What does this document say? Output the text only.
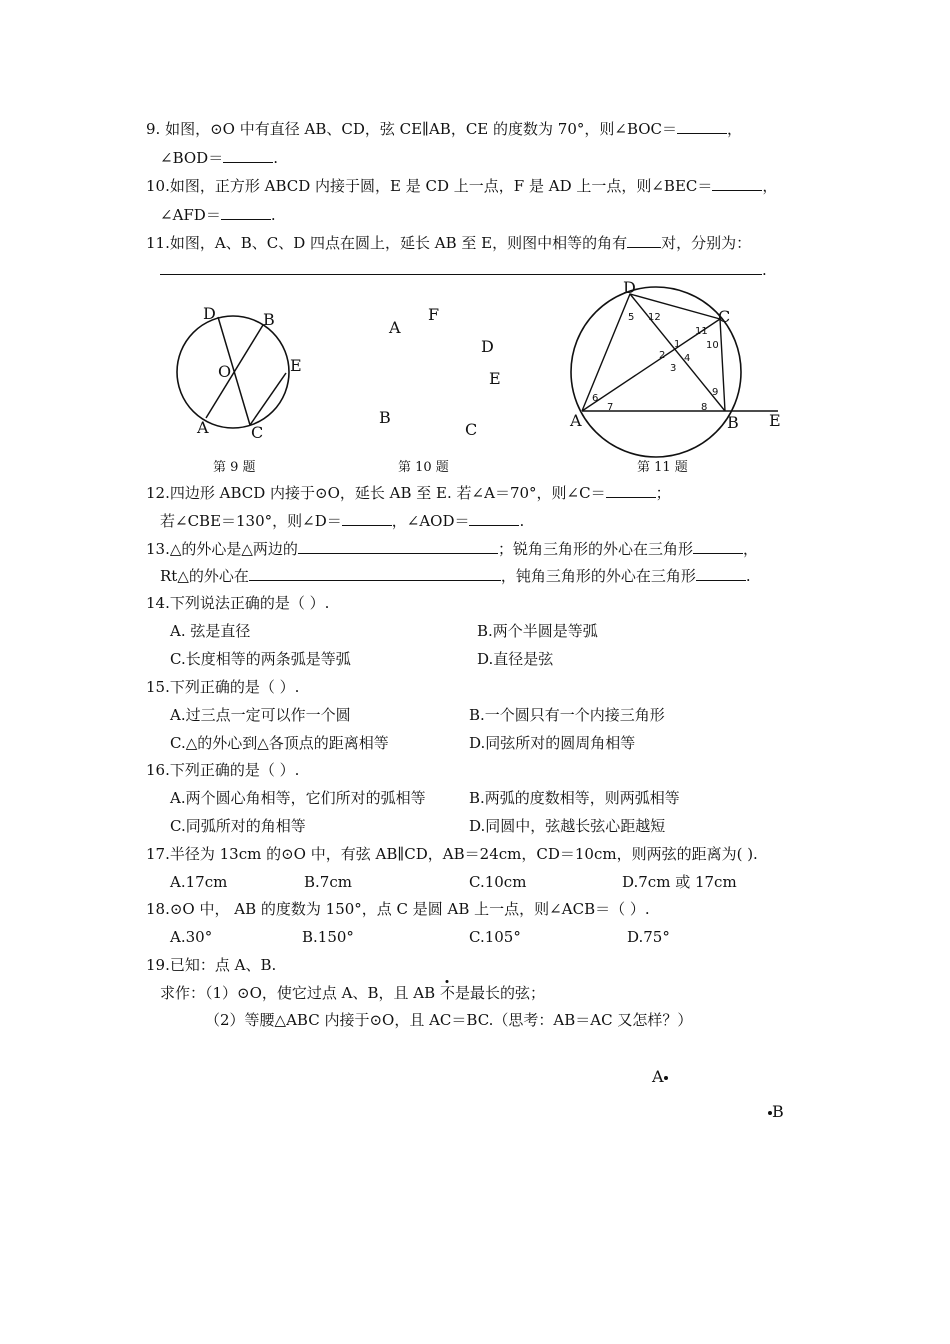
9. 如图，⊙O 中有直径 AB、CD，弦 CE∥AB，CE 的度数为 70°，则∠BOC＝	，
∠BOD＝	.
10.如图，正方形 ABCD 内接于圆，E 是 CD 上一点，F 是 AD 上一点，则∠BEC＝	，
∠AFD＝	.
11.如图，A、B、C、D 四点在圆上，延长 AB 至 E，则图中相等的角有 对，分别为：
.
D	B
O	E
A	C
第 9 题
A
F
D
E
B
C
第 10 题
5 12
11
10
1
2 4
3
9
6
7	8
D
C
A	B E
第 11 题
12.四边形 ABCD 内接于⊙O，延长 AB 至 E. 若∠A＝70°，则∠C＝	；
若∠CBE＝130°，则∠D＝	，∠AOD＝	.
13.△的外心是△两边的	；锐角三角形的外心在三角形	，
Rt△的外心在	，钝角三角形的外心在三角形	.
14.下列说法正确的是（ ）.
A. 弦是直径	B.两个半圆是等弧
C.长度相等的两条弧是等弧	D.直径是弦
15.下列正确的是（ ）.
A.过三点一定可以作一个圆	B.一个圆只有一个内接三角形
C.△的外心到△各顶点的距离相等	D.同弦所对的圆周角相等
16.下列正确的是（ ）.
A.两个圆心角相等，它们所对的弧相等	B.两弧的度数相等，则两弧相等
C.同弧所对的角相等	D.同圆中，弦越长弦心距越短
17.半径为 13cm 的⊙O 中，有弦 AB∥CD，AB＝24cm，CD＝10cm，则两弦的距离为( ).
A.17cm	B.7cm	C.10cm	D.7cm 或 17cm
18.⊙O 中， AB 的度数为 150°，点 C 是圆 AB 上一点，则∠ACB＝（ ）.
A.30°	B.150°	C.105°	D.75°
19.已知：点 A、B.
求作：（1）⊙O，使它过点 A、B，且 AB 不是最长的弦；
（2）等腰△ABC 内接于⊙O，且 AC＝BC.（思考：AB＝AC 又怎样？）
A
B
